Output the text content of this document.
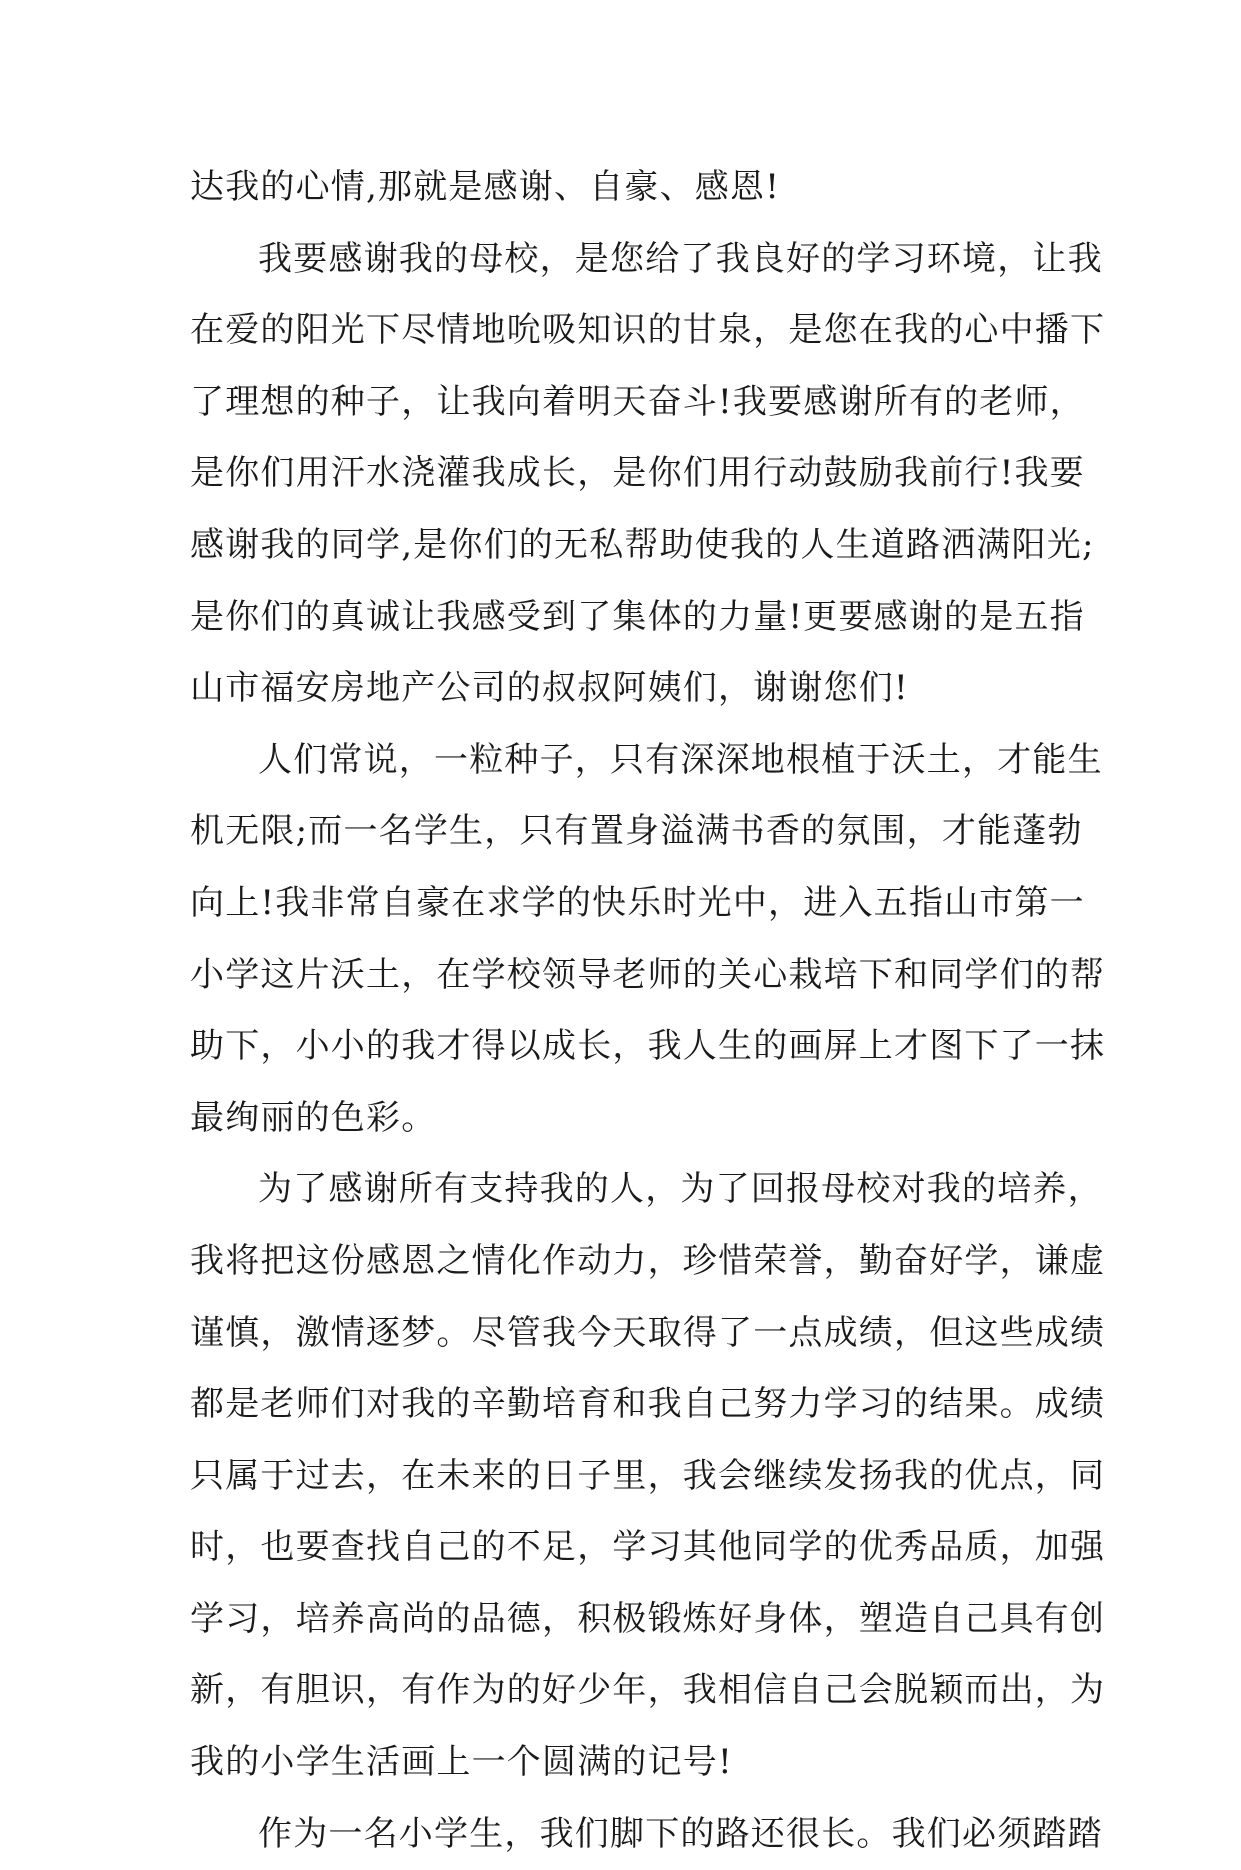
达我的心情,那就是感谢、自豪、感恩!
我要感谢我的母校，是您给了我良好的学习环境，让我
在爱的阳光下尽情地吮吸知识的甘泉，是您在我的心中播下
了理想的种子，让我向着明天奋斗!我要感谢所有的老师，
是你们用汗水浇灌我成长，是你们用行动鼓励我前行!我要
感谢我的同学,是你们的无私帮助使我的人生道路洒满阳光;
是你们的真诚让我感受到了集体的力量!更要感谢的是五指
山市福安房地产公司的叔叔阿姨们，谢谢您们!
人们常说，一粒种子，只有深深地根植于沃土，才能生
机无限;而一名学生，只有置身溢满书香的氛围，才能蓬勃
向上!我非常自豪在求学的快乐时光中，进入五指山市第一
小学这片沃土，在学校领导老师的关心栽培下和同学们的帮
助下，小小的我才得以成长，我人生的画屏上才图下了一抹
最绚丽的色彩。
为了感谢所有支持我的人，为了回报母校对我的培养，
我将把这份感恩之情化作动力，珍惜荣誉，勤奋好学，谦虚
谨慎，激情逐梦。尽管我今天取得了一点成绩，但这些成绩
都是老师们对我的辛勤培育和我自己努力学习的结果。成绩
只属于过去，在未来的日子里，我会继续发扬我的优点，同
时，也要查找自己的不足，学习其他同学的优秀品质，加强
学习，培养高尚的品德，积极锻炼好身体，塑造自己具有创
新，有胆识，有作为的好少年，我相信自己会脱颖而出，为
我的小学生活画上一个圆满的记号!
作为一名小学生，我们脚下的路还很长。我们必须踏踏
